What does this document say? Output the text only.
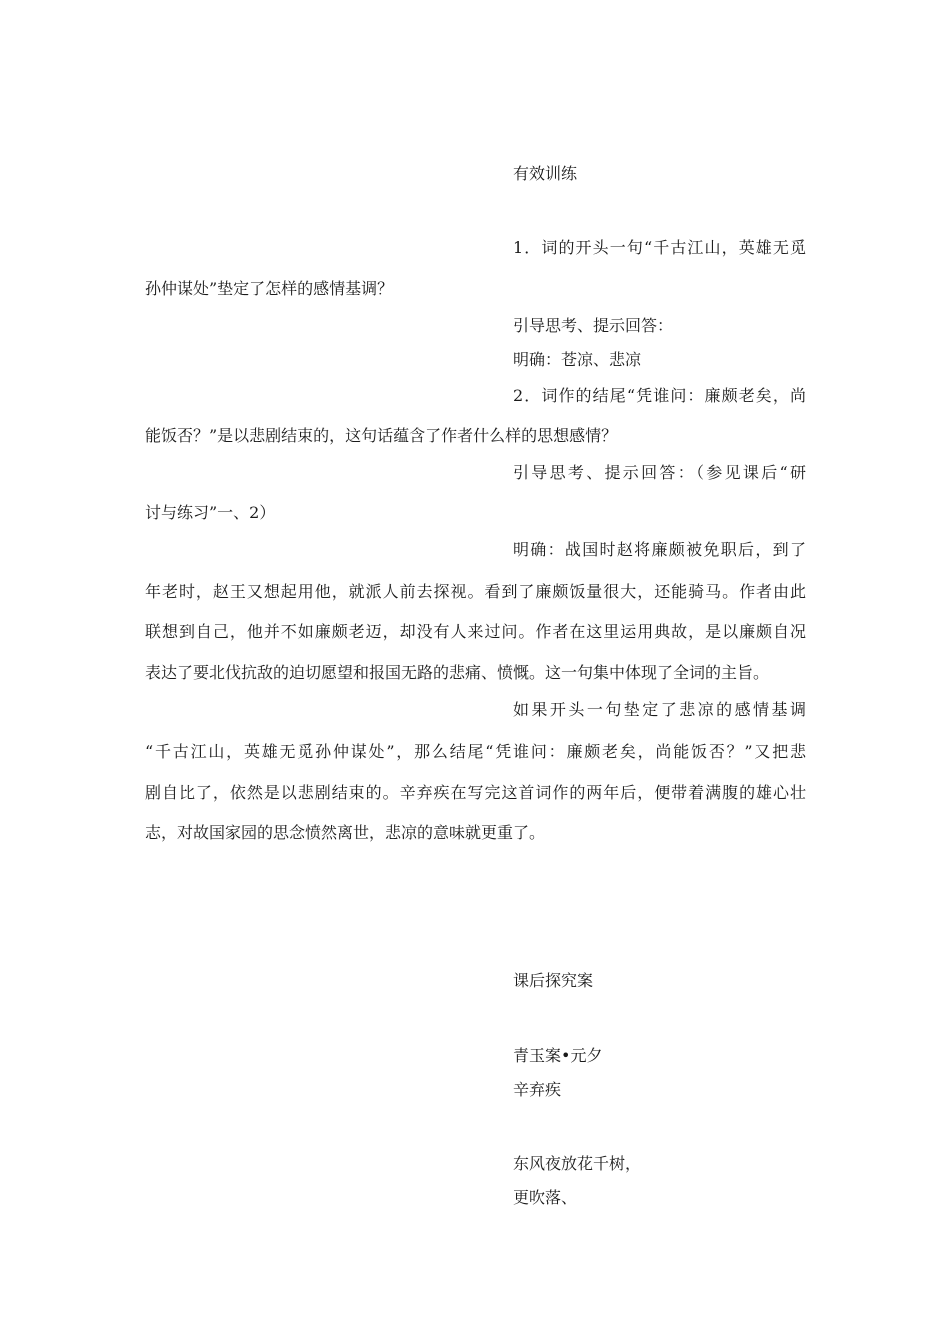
有效训练
1．词的开头一句“千古江山，英雄无觅
孙仲谋处”垫定了怎样的感情基调？
引导思考、提示回答：
明确：苍凉、悲凉
2．词作的结尾“凭谁问：廉颇老矣，尚
能饭否？”是以悲剧结束的，这句话蕴含了作者什么样的思想感情？
引导思考、提示回答：（参见课后“研
讨与练习”一、2）
明确：战国时赵将廉颇被免职后，到了
年老时，赵王又想起用他，就派人前去探视。看到了廉颇饭量很大，还能骑马。作者由此
联想到自己，他并不如廉颇老迈，却没有人来过问。作者在这里运用典故，是以廉颇自况
表达了要北伐抗敌的迫切愿望和报国无路的悲痛、愤慨。这一句集中体现了全词的主旨。
如果开头一句垫定了悲凉的感情基调
“千古江山，英雄无觅孙仲谋处”，那么结尾“凭谁问：廉颇老矣，尚能饭否？”又把悲
剧自比了，依然是以悲剧结束的。辛弃疾在写完这首词作的两年后，便带着满腹的雄心壮
志，对故国家园的思念愤然离世，悲凉的意味就更重了。
课后探究案
青玉案•元夕
辛弃疾
东风夜放花千树，
更吹落、
